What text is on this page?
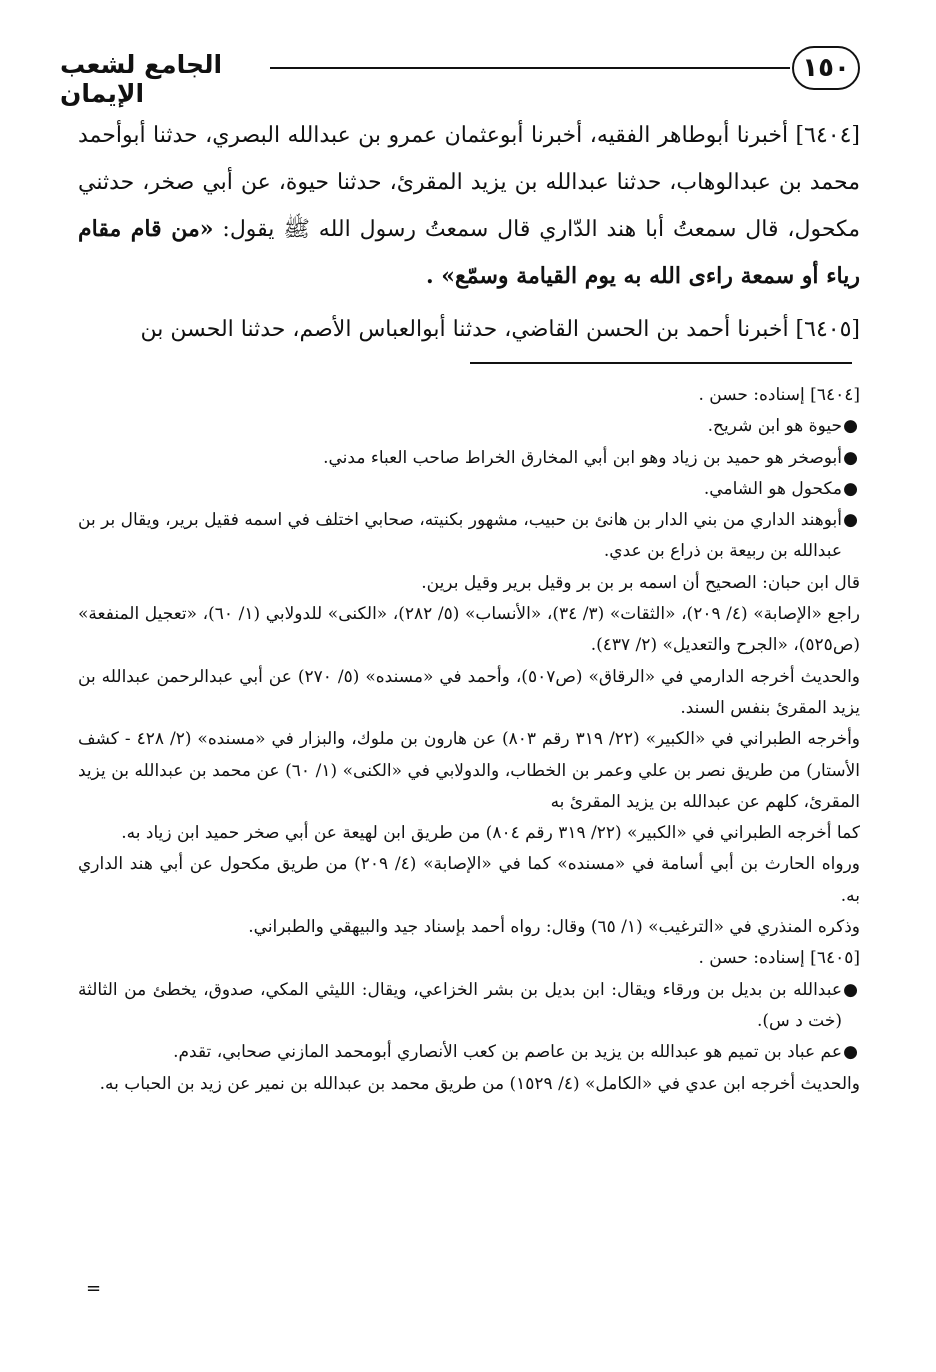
١٥٠
الجامع لشعب الإيمان

[٦٤٠٤] أخبرنا أبوطاهر الفقيه، أخبرنا أبوعثمان عمرو بن عبدالله البصري، حدثنا أبوأحمد محمد بن عبدالوهاب، حدثنا عبدالله بن يزيد المقرئ، حدثنا حيوة، عن أبي صخر، حدثني مكحول، قال سمعتُ أبا هند الدّاري قال سمعتُ رسول الله ﷺ يقول: «من قام مقام رياء أو سمعة راءى الله به يوم القيامة وسمّع» .

[٦٤٠٥] أخبرنا أحمد بن الحسن القاضي، حدثنا أبوالعباس الأصم، حدثنا الحسن بن

[٦٤٠٤] إسناده: حسن .

●
حيوة هو ابن شريح.
●
أبوصخر هو حميد بن زياد وهو ابن أبي المخارق الخراط صاحب العباء مدني.
●
مكحول هو الشامي.
●
أبوهند الداري من بني الدار بن هانئ بن حبيب، مشهور بكنيته، صحابي اختلف في اسمه فقيل برير، ويقال بر بن عبدالله بن ربيعة بن ذراع بن عدي.

قال ابن حبان: الصحيح أن اسمه بر بن بر وقيل برير وقيل برين.

راجع «الإصابة» (٤/ ٢٠٩)، «الثقات» (٣/ ٣٤)، «الأنساب» (٥/ ٢٨٢)، «الكنى» للدولابي (١/ ٦٠)، «تعجيل المنفعة» (ص٥٢٥)، «الجرح والتعديل» (٢/ ٤٣٧).

والحديث أخرجه الدارمي في «الرقاق» (ص٥٠٧)، وأحمد في «مسنده» (٥/ ٢٧٠) عن أبي عبدالرحمن عبدالله بن يزيد المقرئ بنفس السند.

وأخرجه الطبراني في «الكبير» (٢٢/ ٣١٩ رقم ٨٠٣) عن هارون بن ملوك، والبزار في «مسنده» (٢/ ٤٢٨ - كشف الأستار) من طريق نصر بن علي وعمر بن الخطاب، والدولابي في «الكنى» (١/ ٦٠) عن محمد بن عبدالله بن يزيد المقرئ، كلهم عن عبدالله بن يزيد المقرئ به

كما أخرجه الطبراني في «الكبير» (٢٢/ ٣١٩ رقم ٨٠٤) من طريق ابن لهيعة عن أبي صخر حميد ابن زياد به.

ورواه الحارث بن أبي أسامة في «مسنده» كما في «الإصابة» (٤/ ٢٠٩) من طريق مكحول عن أبي هند الداري به.

وذكره المنذري في «الترغيب» (١/ ٦٥) وقال: رواه أحمد بإسناد جيد والبيهقي والطبراني.

[٦٤٠٥] إسناده: حسن .

●
عبدالله بن بديل بن ورقاء ويقال: ابن بديل بن بشر الخزاعي، ويقال: الليثي المكي، صدوق، يخطئ من الثالثة (خت د س).
●
عم عباد بن تميم هو عبدالله بن يزيد بن عاصم بن كعب الأنصاري أبومحمد المازني صحابي، تقدم.

والحديث أخرجه ابن عدي في «الكامل» (٤/ ١٥٢٩) من طريق محمد بن عبدالله بن نمير عن زيد بن الحباب به.

=
